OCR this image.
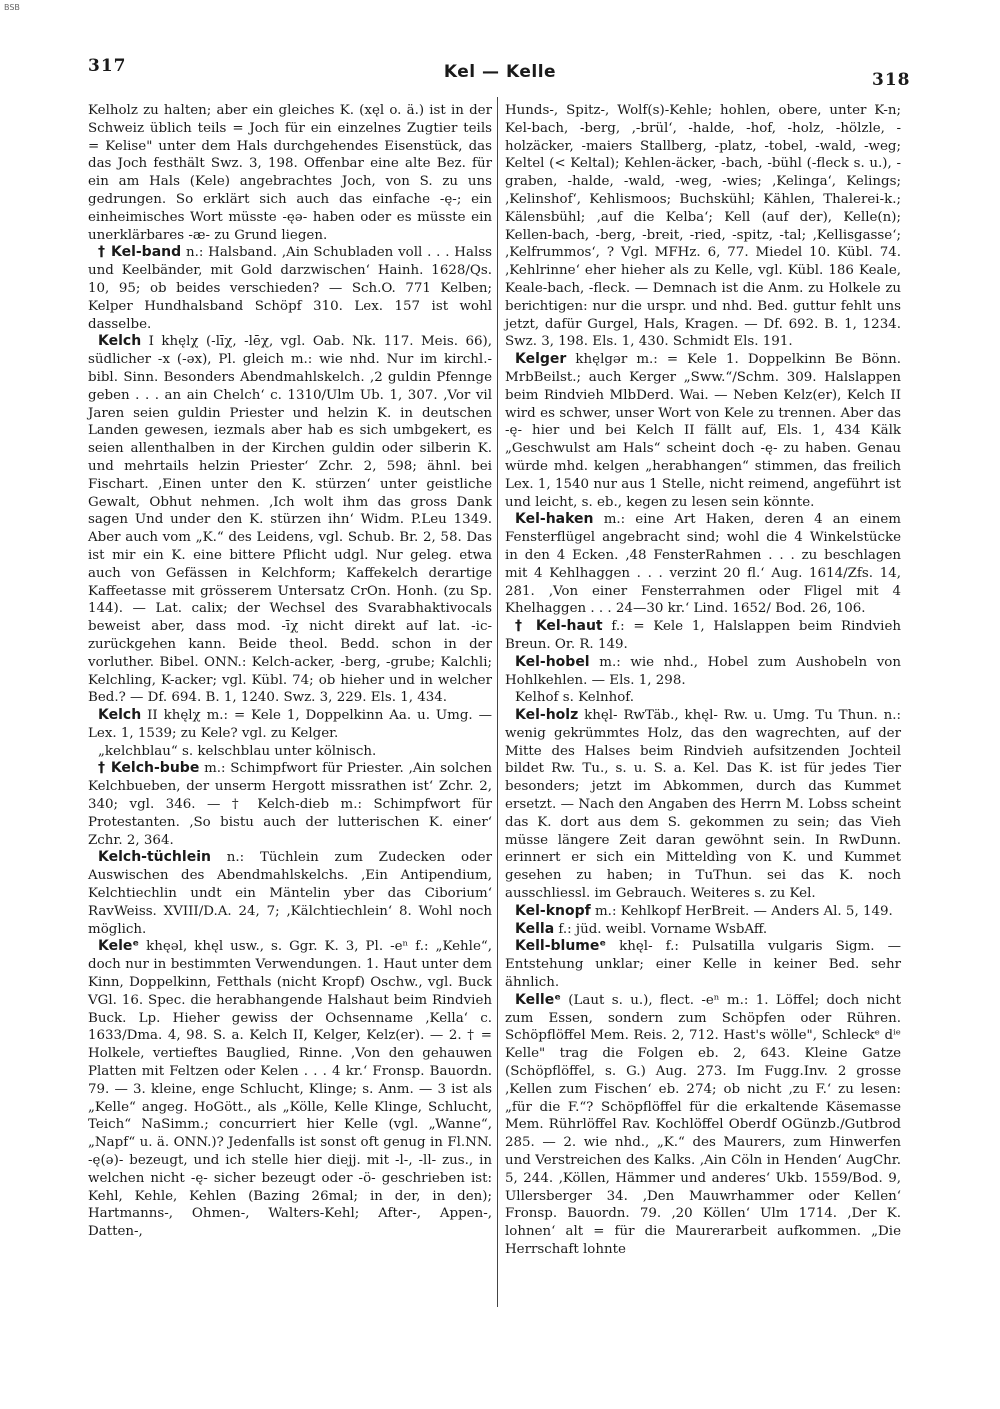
BSB
317	Kel — Kelle	318

Kelholz zu halten; aber ein gleiches K. (xęl o. ä.) ist in der Schweiz üblich teils = Joch für ein einzelnes Zugtier teils = Kelise" unter dem Hals durchgehendes Eisenstück, das das Joch festhält Swz. 3, 198. Offenbar eine alte Bez. für ein am Hals (Kele) angebrachtes Joch, von S. zu uns gedrungen. So erklärt sich auch das einfache -ę-; ein einheimisches Wort müsste -ęə- haben oder es müsste ein unerklärbares -æ- zu Grund liegen.

† Kel-band n.: Halsband. ‚Ain Schubladen voll . . . Halss und Keelbänder, mit Gold darzwischen‘ Hainh. 1628/Qs. 10, 95; ob beides verschieden? — Sch.O. 771 Kelben; Kelper Hundhalsband Schöpf 310. Lex. 157 ist wohl dasselbe.

Kelch I khęlχ (-līχ, -lēχ, vgl. Oab. Nk. 117. Meis. 66), südlicher -x (-əx), Pl. gleich m.: wie nhd. Nur im kirchl.-bibl. Sinn. Besonders Abendmahlskelch. ‚2 guldin Pfennge geben . . . an ain Chelch‘ c. 1310/Ulm Ub. 1, 307. ‚Vor vil Jaren seien guldin Priester und helzin K. in deutschen Landen gewesen, iezmals aber hab es sich umbgekert, es seien allenthalben in der Kirchen guldin oder silberin K. und mehrtails helzin Priester‘ Zchr. 2, 598; ähnl. bei Fischart. ‚Einen unter den K. stürzen‘ unter geistliche Gewalt, Obhut nehmen. ‚Ich wolt ihm das gross Dank sagen Und under den K. stürzen ihn‘ Widm. P.Leu 1349. Aber auch vom „K.“ des Leidens, vgl. Schub. Br. 2, 58. Das ist mir ein K. eine bittere Pflicht udgl. Nur geleg. etwa auch von Gefässen in Kelchform; Kaffekelch derartige Kaffeetasse mit grösserem Untersatz CrOn. Honh. (zu Sp. 144). — Lat. calix; der Wechsel des Svarabhaktivocals beweist aber, dass mod. -īχ nicht direkt auf lat. -ic- zurückgehen kann. Beide theol. Bedd. schon in der vorluther. Bibel. ONN.: Kelch-acker, -berg, -grube; Kalchli; Kelchling, K-acker; vgl. Kübl. 74; ob hieher und in welcher Bed.? — Df. 694. B. 1, 1240. Swz. 3, 229. Els. 1, 434.

Kelch II khęlχ m.: = Kele 1, Doppelkinn Aa. u. Umg. — Lex. 1, 1539; zu Kele? vgl. zu Kelger.

„kelchblau“ s. kelschblau unter kölnisch.

† Kelch-bube m.: Schimpfwort für Priester. ‚Ain solchen Kelchbueben, der unserm Hergott missrathen ist‘ Zchr. 2, 340; vgl. 346. — † Kelch-dieb m.: Schimpfwort für Protestanten. ‚So bistu auch der lutterischen K. einer‘ Zchr. 2, 364.

Kelch-tüchlein n.: Tüchlein zum Zudecken oder Auswischen des Abendmahlskelchs. ‚Ein Antipendium, Kelchtiechlin undt ein Mäntelin yber das Ciborium‘ RavWeiss. XVIII/D.A. 24, 7; ‚Kälchtiechlein‘ 8. Wohl noch möglich.

Keleᵉ khęəl, khęl usw., s. Ggr. K. 3, Pl. -eⁿ f.: „Kehle“, doch nur in bestimmten Verwendungen. 1. Haut unter dem Kinn, Doppelkinn, Fetthals (nicht Kropf) Oschw., vgl. Buck VGl. 16. Spec. die herabhangende Halshaut beim Rindvieh Buck. Lp. Hieher gewiss der Ochsenname ‚Kella‘ c. 1633/Dma. 4, 98. S. a. Kelch II, Kelger, Kelz(er). — 2. † = Holkele, vertieftes Bauglied, Rinne. ‚Von den gehauwen Platten mit Feltzen oder Kelen . . . 4 kr.‘ Fronsp. Bauordn. 79. — 3. kleine, enge Schlucht, Klinge; s. Anm. — 3 ist als „Kelle“ angeg. HoGött., als „Kölle, Kelle Klinge, Schlucht, Teich“ NaSimm.; concurriert hier Kelle (vgl. „Wanne“, „Napf“ u. ä. ONN.)? Jedenfalls ist sonst oft genug in Fl.NN. -ę(ə)- bezeugt, und ich stelle hier diejj. mit -l-, -ll- zus., in welchen nicht -ę- sicher bezeugt oder -ö- geschrieben ist: Kehl, Kehle, Kehlen (Bazing 26mal; in der, in den); Hartmanns-, Ohmen-, Walters-Kehl; After-, Appen-, Datten-,

Hunds-, Spitz-, Wolf(s)-Kehle; hohlen, obere, unter K-n; Kel-bach, -berg, ‚-brül‘, -halde, -hof, -holz, -hölzle, -holzäcker, -maiers Stallberg, -platz, -tobel, -wald, -weg; Keltel (< Keltal); Kehlen-äcker, -bach, -bühl (-fleck s. u.), -graben, -halde, -wald, -weg, -wies; ‚Kelinga‘, Kelings; ‚Kelinshof‘, Kehlismoos; Buchskühl; Kählen, Thalerei-k.; Kälensbühl; ‚auf die Kelba‘; Kell (auf der), Kelle(n); Kellen-bach, -berg, -breit, -ried, -spitz, -tal; ‚Kellisgasse‘; ‚Kelfrummos‘, ? Vgl. MFHz. 6, 77. Miedel 10. Kübl. 74. ‚Kehlrinne‘ eher hieher als zu Kelle, vgl. Kübl. 186 Keale, Keale-bach, -fleck. — Demnach ist die Anm. zu Holkele zu berichtigen: nur die urspr. und nhd. Bed. guttur fehlt uns jetzt, dafür Gurgel, Hals, Kragen. — Df. 692. B. 1, 1234. Swz. 3, 198. Els. 1, 430. Schmidt Els. 191.

Kelger khęlgər m.: = Kele 1. Doppelkinn Be Bönn. MrbBeilst.; auch Kerger „Sww.“/Schm. 309. Halslappen beim Rindvieh MlbDerd. Wai. — Neben Kelz(er), Kelch II wird es schwer, unser Wort von Kele zu trennen. Aber das -ę- hier und bei Kelch II fällt auf, Els. 1, 434 Kälk „Geschwulst am Hals“ scheint doch -ę- zu haben. Genau würde mhd. kelgen „herabhangen“ stimmen, das freilich Lex. 1, 1540 nur aus 1 Stelle, nicht reimend, angeführt ist und leicht, s. eb., kegen zu lesen sein könnte.

Kel-haken m.: eine Art Haken, deren 4 an einem Fensterflügel angebracht sind; wohl die 4 Winkelstücke in den 4 Ecken. ‚48 FensterRahmen . . . zu beschlagen mit 4 Kehlhaggen . . . verzint 20 fl.‘ Aug. 1614/Zfs. 14, 281. ‚Von einer Fensterrahmen oder Fligel mit 4 Khelhaggen . . . 24—30 kr.‘ Lind. 1652/ Bod. 26, 106.

† Kel-haut f.: = Kele 1, Halslappen beim Rindvieh Breun. Or. R. 149.

Kel-hobel m.: wie nhd., Hobel zum Aushobeln von Hohlkehlen. — Els. 1, 298.

Kelhof s. Kelnhof.

Kel-holz khęl- RwTäb., khęl- Rw. u. Umg. Tu Thun. n.: wenig gekrümmtes Holz, das den wagrechten, auf der Mitte des Halses beim Rindvieh aufsitzenden Jochteil bildet Rw. Tu., s. u. S. a. Kel. Das K. ist für jedes Tier besonders; jetzt im Abkommen, durch das Kummet ersetzt. — Nach den Angaben des Herrn M. Lobss scheint das K. dort aus dem S. gekommen zu sein; das Vieh müsse längere Zeit daran gewöhnt sein. In RwDunn. erinnert er sich ein Mitteldìng von K. und Kummet gesehen zu haben; in TuThun. sei das K. noch ausschliessl. im Gebrauch. Weiteres s. zu Kel.

Kel-knopf m.: Kehlkopf HerBreit. — Anders Al. 5, 149.

Kella f.: jüd. weibl. Vorname WsbAff.

Kell-blumeᵉ khęl- f.: Pulsatilla vulgaris Sigm. — Entstehung unklar; einer Kelle in keiner Bed. sehr ähnlich.

Kelleᵉ (Laut s. u.), flect. -eⁿ m.: 1. Löffel; doch nicht zum Essen, sondern zum Schöpfen oder Rühren. Schöpflöffel Mem. Reis. 2, 712. Hast's wölle", Schleckᵉ dⁱᵉ Kelle" trag die Folgen eb. 2, 643. Kleine Gatze (Schöpflöffel, s. G.) Aug. 273. Im Fugg.Inv. 2 grosse ‚Kellen zum Fischen‘ eb. 274; ob nicht ‚zu F.‘ zu lesen: „für die F.“? Schöpflöffel für die erkaltende Käsemasse Mem. Rührlöffel Rav. Kochlöffel Oberdf OGünzb./Gutbrod 285. — 2. wie nhd., „K.“ des Maurers, zum Hinwerfen und Verstreichen des Kalks. ‚Ain Cöln in Henden‘ AugChr. 5, 244. ‚Köllen, Hämmer und anderes‘ Ukb. 1559/Bod. 9, Ullersberger 34. ‚Den Mauwrhammer oder Kellen‘ Fronsp. Bauordn. 79. ‚20 Köllen‘ Ulm 1714. ‚Der K. lohnen‘ alt = für die Maurerarbeit aufkommen. „Die Herrschaft lohnte
